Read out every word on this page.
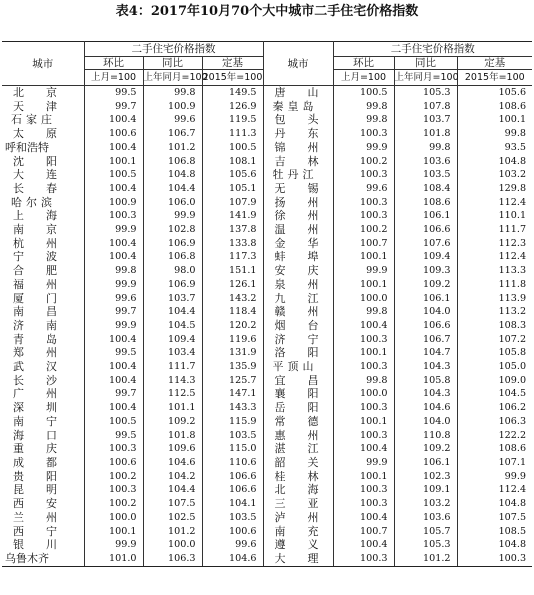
表4：2017年10月70个大中城市二手住宅价格指数
城市	二手住宅价格指数			城市	二手住宅价格指数		
	环比	同比	定基		环比	同比	定基
	上月=100	上年同月=100	2015年=100		上月=100	上年同月=100	2015年=100
北京	99.5	99.8	149.5	唐山	100.5	105.3	105.6
天津	99.7	100.9	126.9	秦皇岛	99.8	107.8	108.6
石家庄	100.4	99.6	119.5	包头	99.8	103.7	100.1
太原	100.6	106.7	111.3	丹东	100.3	101.8	99.8
呼和浩特	100.4	101.2	100.5	锦州	99.9	99.8	93.5
沈阳	100.1	106.8	108.1	吉林	100.2	103.6	104.8
大连	100.5	104.8	105.6	牡丹江	100.3	103.5	103.2
长春	100.4	104.4	105.1	无锡	99.6	108.4	129.8
哈尔滨	100.9	106.0	107.9	扬州	100.3	108.6	112.4
上海	100.3	99.9	141.9	徐州	100.3	106.1	110.1
南京	99.9	102.8	137.8	温州	100.2	106.6	111.7
杭州	100.4	106.9	133.8	金华	100.7	107.6	112.3
宁波	100.4	106.8	117.3	蚌埠	100.1	109.4	112.4
合肥	99.8	98.0	151.1	安庆	99.9	109.3	113.3
福州	99.9	106.9	126.1	泉州	100.1	109.2	111.8
厦门	99.6	103.7	143.2	九江	100.0	106.1	113.9
南昌	99.7	104.4	118.4	赣州	99.8	104.0	113.2
济南	99.9	104.5	120.2	烟台	100.4	106.6	108.3
青岛	100.4	109.4	119.6	济宁	100.3	106.7	107.2
郑州	99.5	103.4	131.9	洛阳	100.1	104.7	105.8
武汉	100.4	111.7	135.9	平顶山	100.3	104.3	105.0
长沙	100.4	114.3	125.7	宜昌	99.8	105.8	109.0
广州	99.7	112.5	147.1	襄阳	100.0	104.3	104.5
深圳	100.4	101.1	143.3	岳阳	100.3	104.6	106.2
南宁	100.5	109.2	115.9	常德	100.1	104.0	106.3
海口	99.5	101.8	103.5	惠州	100.3	110.8	122.2
重庆	100.3	109.6	115.0	湛江	100.4	109.2	108.6
成都	100.6	104.6	110.6	韶关	99.9	106.1	107.1
贵阳	100.2	104.2	106.6	桂林	100.1	102.3	99.9
昆明	100.3	104.4	106.6	北海	100.3	109.1	112.4
西安	100.2	107.5	104.1	三亚	100.3	103.2	104.8
兰州	100.0	102.5	103.5	泸州	100.4	103.6	107.5
西宁	100.1	101.2	100.6	南充	100.7	105.7	108.5
银川	99.9	100.0	99.6	遵义	100.4	105.3	104.8
乌鲁木齐	101.0	106.3	104.6	大理	100.3	101.2	100.3
